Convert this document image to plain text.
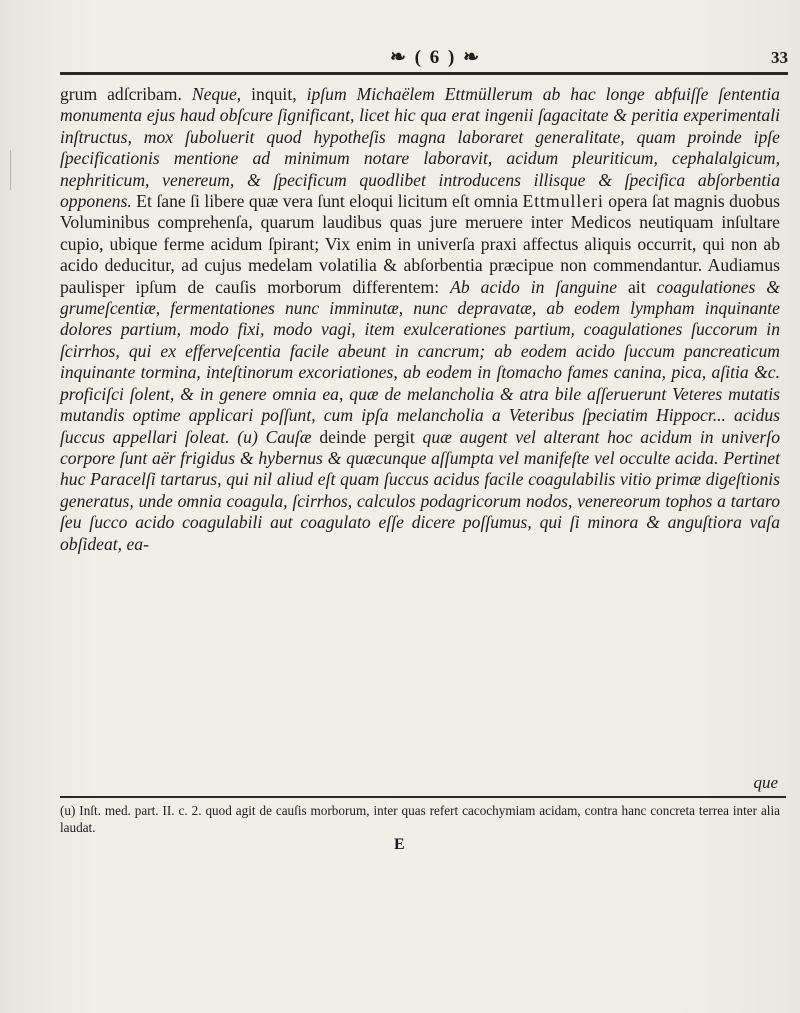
❧ ( 6 ) ❧	33

grum adſcribam. Neque, inquit, ipſum Michaëlem Ettmüllerum ab hac longe abfuiſſe ſententia monumenta ejus haud obſcure ſignificant, licet hic qua erat ingenii ſagacitate & peritia experimentali inſtructus, mox ſuboluerit quod hypotheſis magna laboraret generalitate, quam proinde ipſe ſpecificationis mentione ad minimum notare laboravit, acidum pleuriticum, cephalalgicum, nephriticum, venereum, & ſpecificum quodlibet introducens illisque & ſpecifica abſorbentia opponens. Et ſane ſi libere quæ vera ſunt eloqui licitum eſt omnia Ettmulleri opera ſat magnis duobus Voluminibus comprehenſa, quarum laudibus quas jure meruere inter Medicos neutiquam inſultare cupio, ubique ferme acidum ſpirant; Vix enim in univerſa praxi affectus aliquis occurrit, qui non ab acido deducitur, ad cujus medelam volatilia & abſorbentia præcipue non commendantur. Audiamus paulisper ipſum de cauſis morborum differentem: Ab acido in ſanguine ait coagulationes & grumeſcentiæ, fermentationes nunc imminutæ, nunc depravatæ, ab eodem lympham inquinante dolores partium, modo fixi, modo vagi, item exulcerationes partium, coagulationes ſuccorum in ſcirrhos, qui ex efferveſcentia facile abeunt in cancrum; ab eodem acido ſuccum pancreaticum inquinante tormina, inteſtinorum excoriationes, ab eodem in ſtomacho fames canina, pica, aſitia &c. proficiſci ſolent, & in genere omnia ea, quæ de melancholia & atra bile aſſeruerunt Veteres mutatis mutandis optime applicari poſſunt, cum ipſa melancholia a Veteribus ſpeciatim Hippocr... acidus ſuccus appellari ſoleat. (u) Cauſæ deinde pergit quæ augent vel alterant hoc acidum in univerſo corpore ſunt aër frigidus & hybernus & quæcunque aſſumpta vel manifeſte vel occulte acida. Pertinet huc Paracelſi tartarus, qui nil aliud eſt quam ſuccus acidus facile coagulabilis vitio primæ digeſtionis generatus, unde omnia coagula, ſcirrhos, calculos podagricorum nodos, venereorum tophos a tartaro ſeu ſucco acido coagulabili aut coagulato eſſe dicere poſſumus, qui ſi minora & anguſtiora vaſa obſideat, ea-

que
(u) Inſt. med. part. II. c. 2. quod agit de cauſis morborum, inter quas refert cacochymiam acidam, contra hanc concreta terrea inter alia laudat.
E
